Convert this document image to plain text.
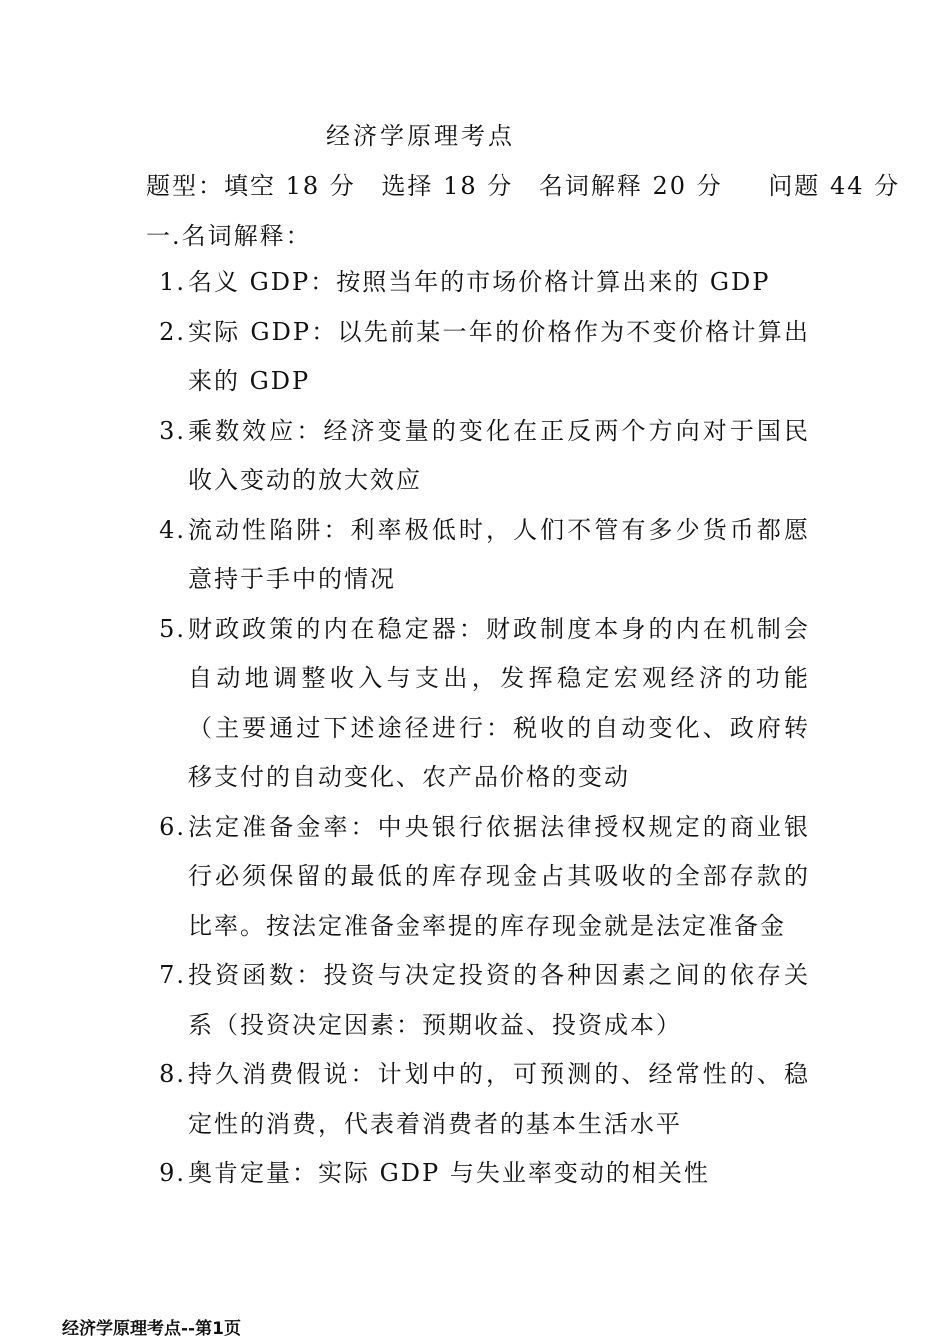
经济学原理考点
题型：填空 18 分 选择 18 分 名词解释 20 分 问题 44 分
一.名词解释：
1. 名义 GDP：按照当年的市场价格计算出来的 GDP
2. 实际 GDP：以先前某一年的价格作为不变价格计算出来的 GDP
3. 乘数效应：经济变量的变化在正反两个方向对于国民收入变动的放大效应
4. 流动性陷阱：利率极低时，人们不管有多少货币都愿意持于手中的情况
5. 财政政策的内在稳定器：财政制度本身的内在机制会自动地调整收入与支出，发挥稳定宏观经济的功能（主要通过下述途径进行：税收的自动变化、政府转移支付的自动变化、农产品价格的变动
6. 法定准备金率：中央银行依据法律授权规定的商业银行必须保留的最低的库存现金占其吸收的全部存款的比率。按法定准备金率提的库存现金就是法定准备金
7. 投资函数：投资与决定投资的各种因素之间的依存关系（投资决定因素：预期收益、投资成本）
8. 持久消费假说：计划中的，可预测的、经常性的、稳定性的消费，代表着消费者的基本生活水平
9. 奥肯定量：实际 GDP 与失业率变动的相关性
经济学原理考点--第1页
